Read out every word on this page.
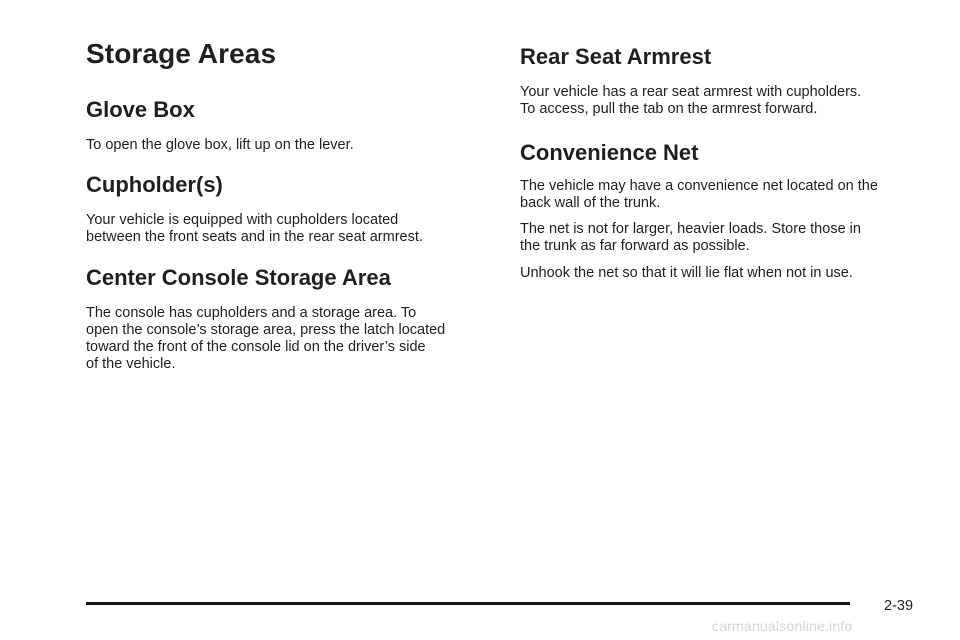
Storage Areas
Glove Box

To open the glove box, lift up on the lever.

Cupholder(s)

Your vehicle is equipped with cupholders located

between the front seats and in the rear seat armrest.

Center Console Storage Area

The console has cupholders and a storage area. To

open the console’s storage area, press the latch located

toward the front of the console lid on the driver’s side

of the vehicle.

Rear Seat Armrest

Your vehicle has a rear seat armrest with cupholders.

To access, pull the tab on the armrest forward.

Convenience Net

The vehicle may have a convenience net located on the

back wall of the trunk.

The net is not for larger, heavier loads. Store those in

the trunk as far forward as possible.

Unhook the net so that it will lie flat when not in use.

2-39
carmanualsonline.info
